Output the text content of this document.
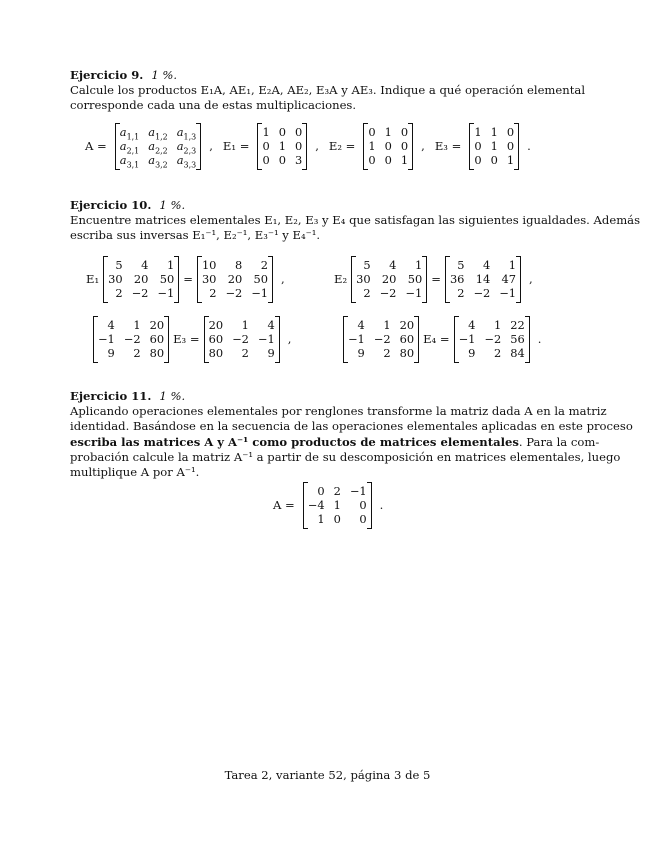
Ejercicio 9. 1 %.
Calcule los productos E₁A, AE₁, E₂A, AE₂, E₃A y AE₃. Indique a qué operación elemental
corresponde cada una de estas multiplicaciones.
A =
$a_{1,1}$ $a_{1,2}$ $a_{1,3}$
$a_{2,1}$ $a_{2,2}$ $a_{2,3}$
$a_{3,1}$ $a_{3,2}$ $a_{3,3}$
, E₁ =
1 0 0
0 1 0
0 0 3
, E₂ =
0 1 0
1 0 0
0 0 1
, E₃ =
1 1 0
0 1 0
0 0 1
.
Ejercicio 10. 1 %.
Encuentre matrices elementales E₁, E₂, E₃ y E₄ que satisfagan las siguientes igualdades. Además
escriba sus inversas E₁⁻¹, E₂⁻¹, E₃⁻¹ y E₄⁻¹.
E₁
5	4	1
30 20 50
2 −2 −1
=
10	8	2
30 20 50
2 −2 −1
,	E₂
5	4	1
30 20 50
2 −2 −1
=
5	4	1
36 14 47
2 −2 −1
,
4	1 20
−1 −2 60
9	2 80
E₃ =
20	1	4
60 −2 −1
80	2	9
,
4	1 20
−1 −2 60
9	2 80
E₄ =
4	1 22
−1 −2 56
9	2 84
.
Ejercicio 11. 1 %.
Aplicando operaciones elementales por renglones transforme la matriz dada A en la matriz
identidad. Basándose en la secuencia de las operaciones elementales aplicadas en este proceso
escriba las matrices A y A⁻¹ como productos de matrices elementales. Para la com-
probación calcule la matriz A⁻¹ a partir de su descomposición en matrices elementales, luego
multiplique A por A⁻¹.
A =
0 2 −1
−4 1	0
1 0	0
.
Tarea 2, variante 52, página 3 de 5
